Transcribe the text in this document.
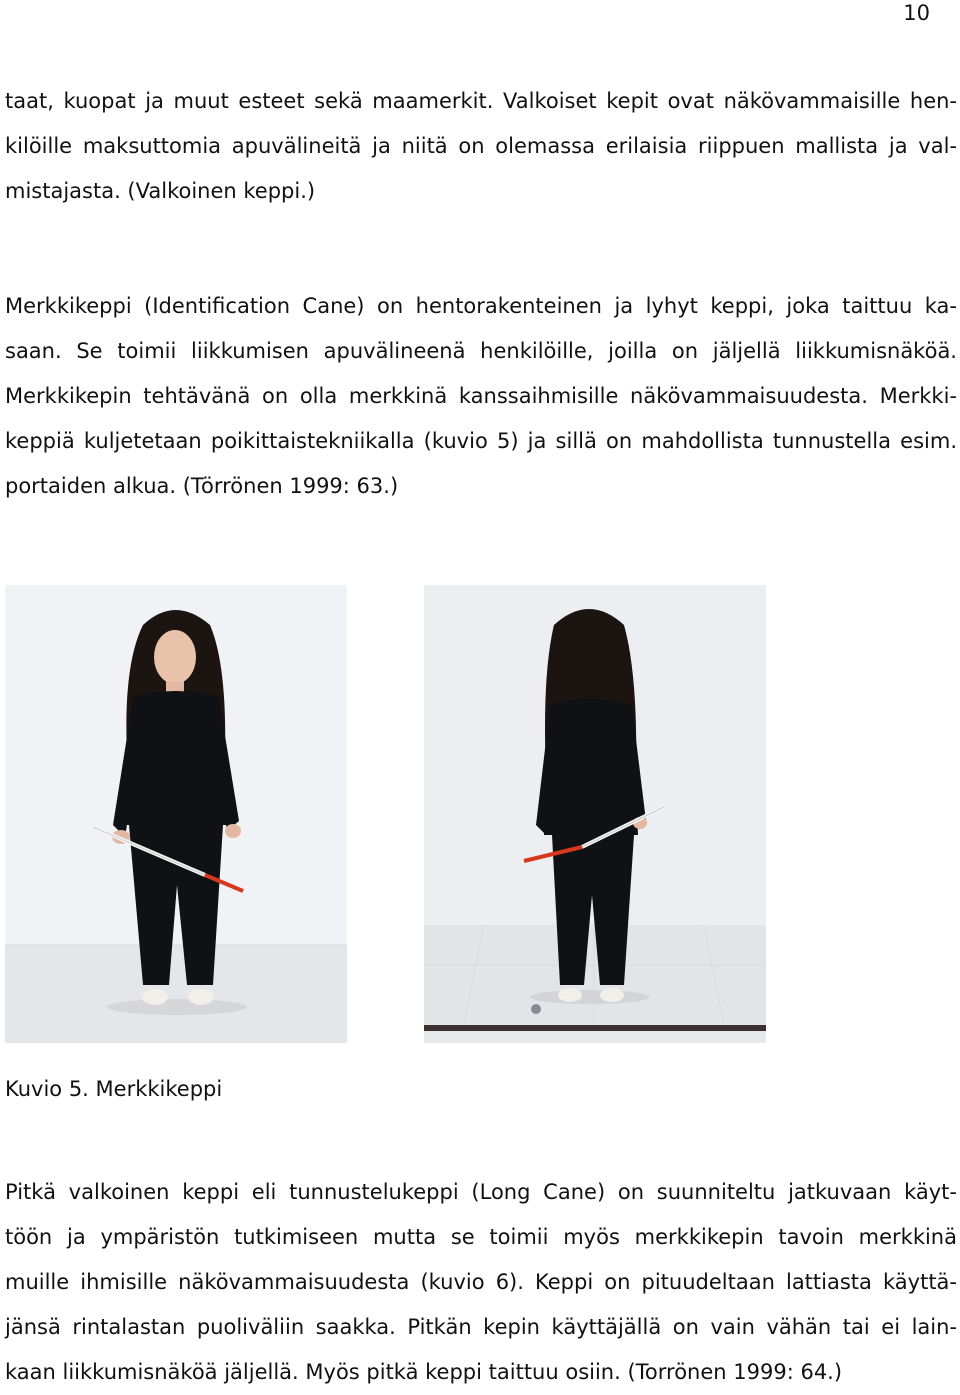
10

taat, kuopat ja muut esteet sekä maamerkit. Valkoiset kepit ovat näkövammaisille hen-
kilöille maksuttomia apuvälineitä ja niitä on olemassa erilaisia riippuen mallista ja val-
mistajasta. (Valkoinen keppi.)

Merkkikeppi (Identification Cane) on hentorakenteinen ja lyhyt keppi, joka taittuu ka-
saan. Se toimii liikkumisen apuvälineenä henkilöille, joilla on jäljellä liikkumisnäköä.
Merkkikepin tehtävänä on olla merkkinä kanssaihmisille näkövammaisuudesta. Merkki-
keppiä kuljetetaan poikittaistekniikalla (kuvio 5) ja sillä on mahdollista tunnustella esim.
portaiden alkua. (Törrönen 1999: 63.)

Kuvio 5. Merkkikeppi

Pitkä valkoinen keppi eli tunnustelukeppi (Long Cane) on suunniteltu jatkuvaan käyt-
töön ja ympäristön tutkimiseen mutta se toimii myös merkkikepin tavoin merkkinä
muille ihmisille näkövammaisuudesta (kuvio 6). Keppi on pituudeltaan lattiasta käyttä-
jänsä rintalastan puoliväliin saakka. Pitkän kepin käyttäjällä on vain vähän tai ei lain-
kaan liikkumisnäköä jäljellä. Myös pitkä keppi taittuu osiin. (Torrönen 1999: 64.)
